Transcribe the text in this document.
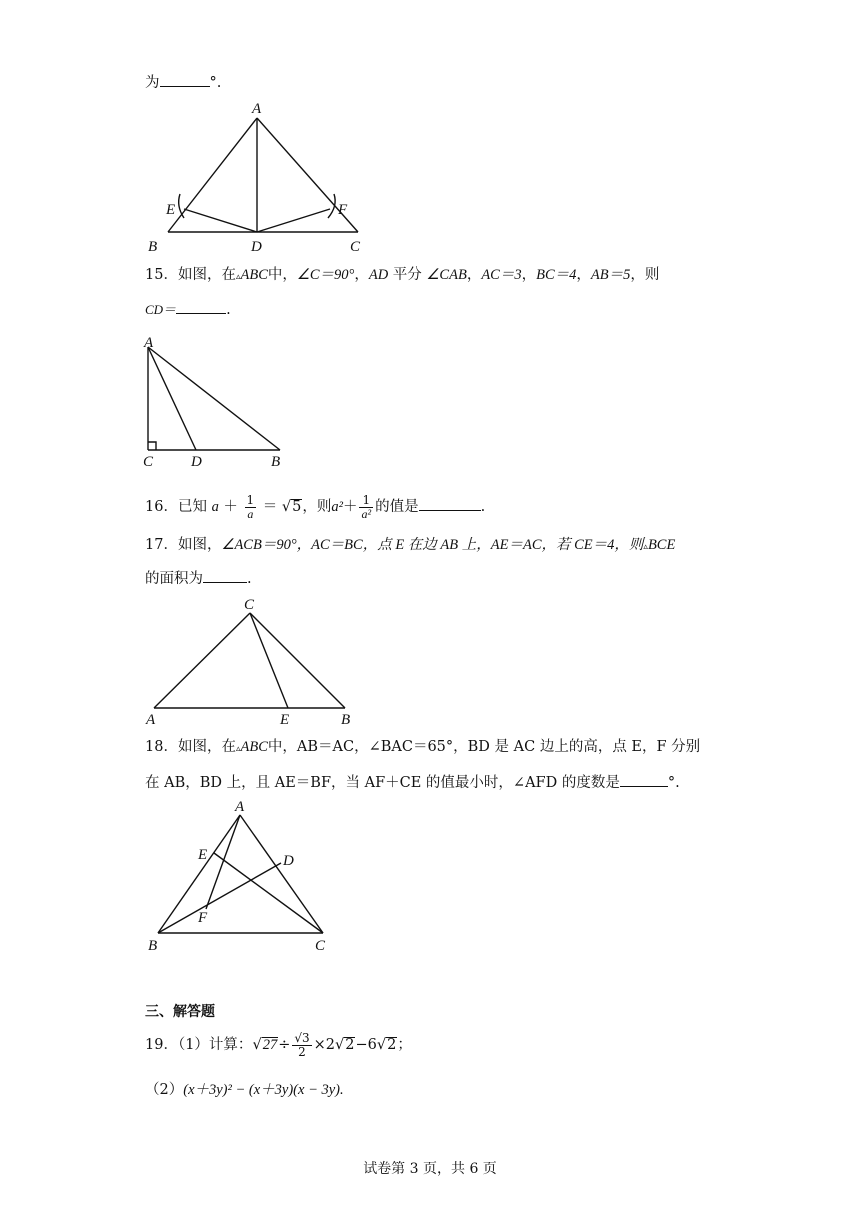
为	°.
A
B	D	C
E	F
15．如图，在▵ABC中，∠C＝90°，AD 平分 ∠CAB，AC＝3，BC＝4，AB＝5，则
CD＝	.
A
C	D	B
16．已知 $a + \frac{1}{a} = √5$，则$a^2+ \frac{1}{\text{a²}}$ 的值是	.
17．如图，∠ACB＝90°，AC＝BC，点 E 在边 AB 上，AE＝AC，若 CE＝4，则▵BCE
的面积为	.
C
A	E	B
18．如图，在▵ABC中，AB＝AC，∠BAC＝65°，BD 是 AC 边上的高，点 E，F 分别
在 AB，BD 上，且 AE＝BF，当 AF＋CE 的值最小时，∠AFD 的度数是	°.
A
E	D
F
B	C
三、解答题
19．（1）计算：$√27\div \frac{√3}{2} \times 2√2-6√2$；
（2）(x＋3y)² − (x＋3y)(x − 3y).
试卷第 3 页，共 6 页
